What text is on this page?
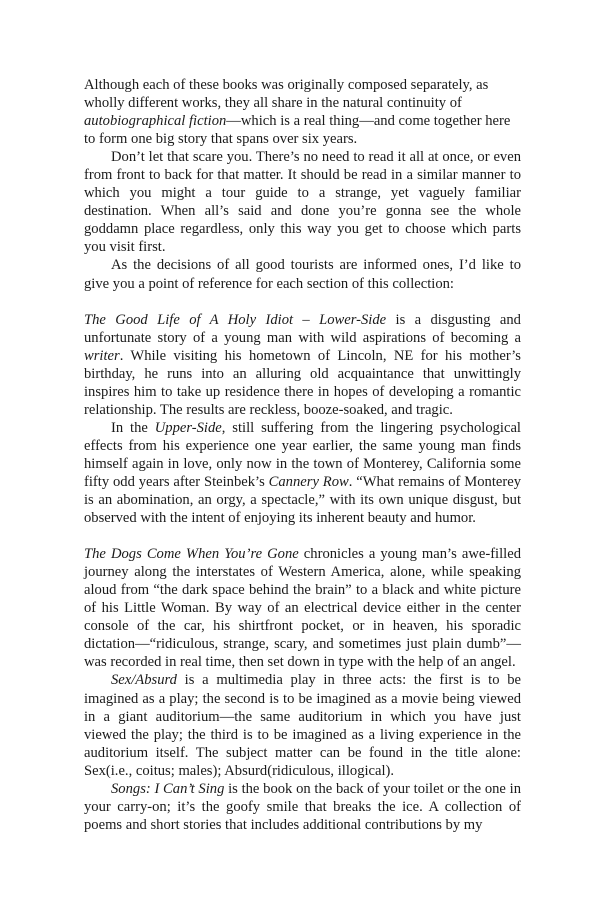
Although each of these books was originally composed separately, as wholly different works, they all share in the natural continuity of autobiographical fiction—which is a real thing—and come together here to form one big story that spans over six years.

Don’t let that scare you. There’s no need to read it all at once, or even from front to back for that matter. It should be read in a similar manner to which you might a tour guide to a strange, yet vaguely familiar destination. When all’s said and done you’re gonna see the whole goddamn place regardless, only this way you get to choose which parts you visit first.

As the decisions of all good tourists are informed ones, I’d like to give you a point of reference for each section of this collection:

The Good Life of A Holy Idiot – Lower-Side is a disgusting and unfortunate story of a young man with wild aspirations of becoming a writer. While visiting his hometown of Lincoln, NE for his mother’s birthday, he runs into an alluring old acquaintance that unwittingly inspires him to take up residence there in hopes of developing a romantic relationship. The results are reckless, booze-soaked, and tragic.

In the Upper-Side, still suffering from the lingering psychological effects from his experience one year earlier, the same young man finds himself again in love, only now in the town of Monterey, California some fifty odd years after Steinbek’s Cannery Row. “What remains of Monterey is an abomination, an orgy, a spectacle,” with its own unique disgust, but observed with the intent of enjoying its inherent beauty and humor.

The Dogs Come When You’re Gone chronicles a young man’s awe-filled journey along the interstates of Western America, alone, while speaking aloud from “the dark space behind the brain” to a black and white picture of his Little Woman. By way of an electrical device either in the center console of the car, his shirtfront pocket, or in heaven, his sporadic dictation—“ridiculous, strange, scary, and sometimes just plain dumb”—was recorded in real time, then set down in type with the help of an angel.

Sex/Absurd is a multimedia play in three acts: the first is to be imagined as a play; the second is to be imagined as a movie being viewed in a giant auditorium—the same auditorium in which you have just viewed the play; the third is to be imagined as a living experience in the auditorium itself. The subject matter can be found in the title alone: Sex(i.e., coitus; males); Absurd(ridiculous, illogical).

Songs: I Can’t Sing is the book on the back of your toilet or the one in your carry-on; it’s the goofy smile that breaks the ice. A collection of poems and short stories that includes additional contributions by my
